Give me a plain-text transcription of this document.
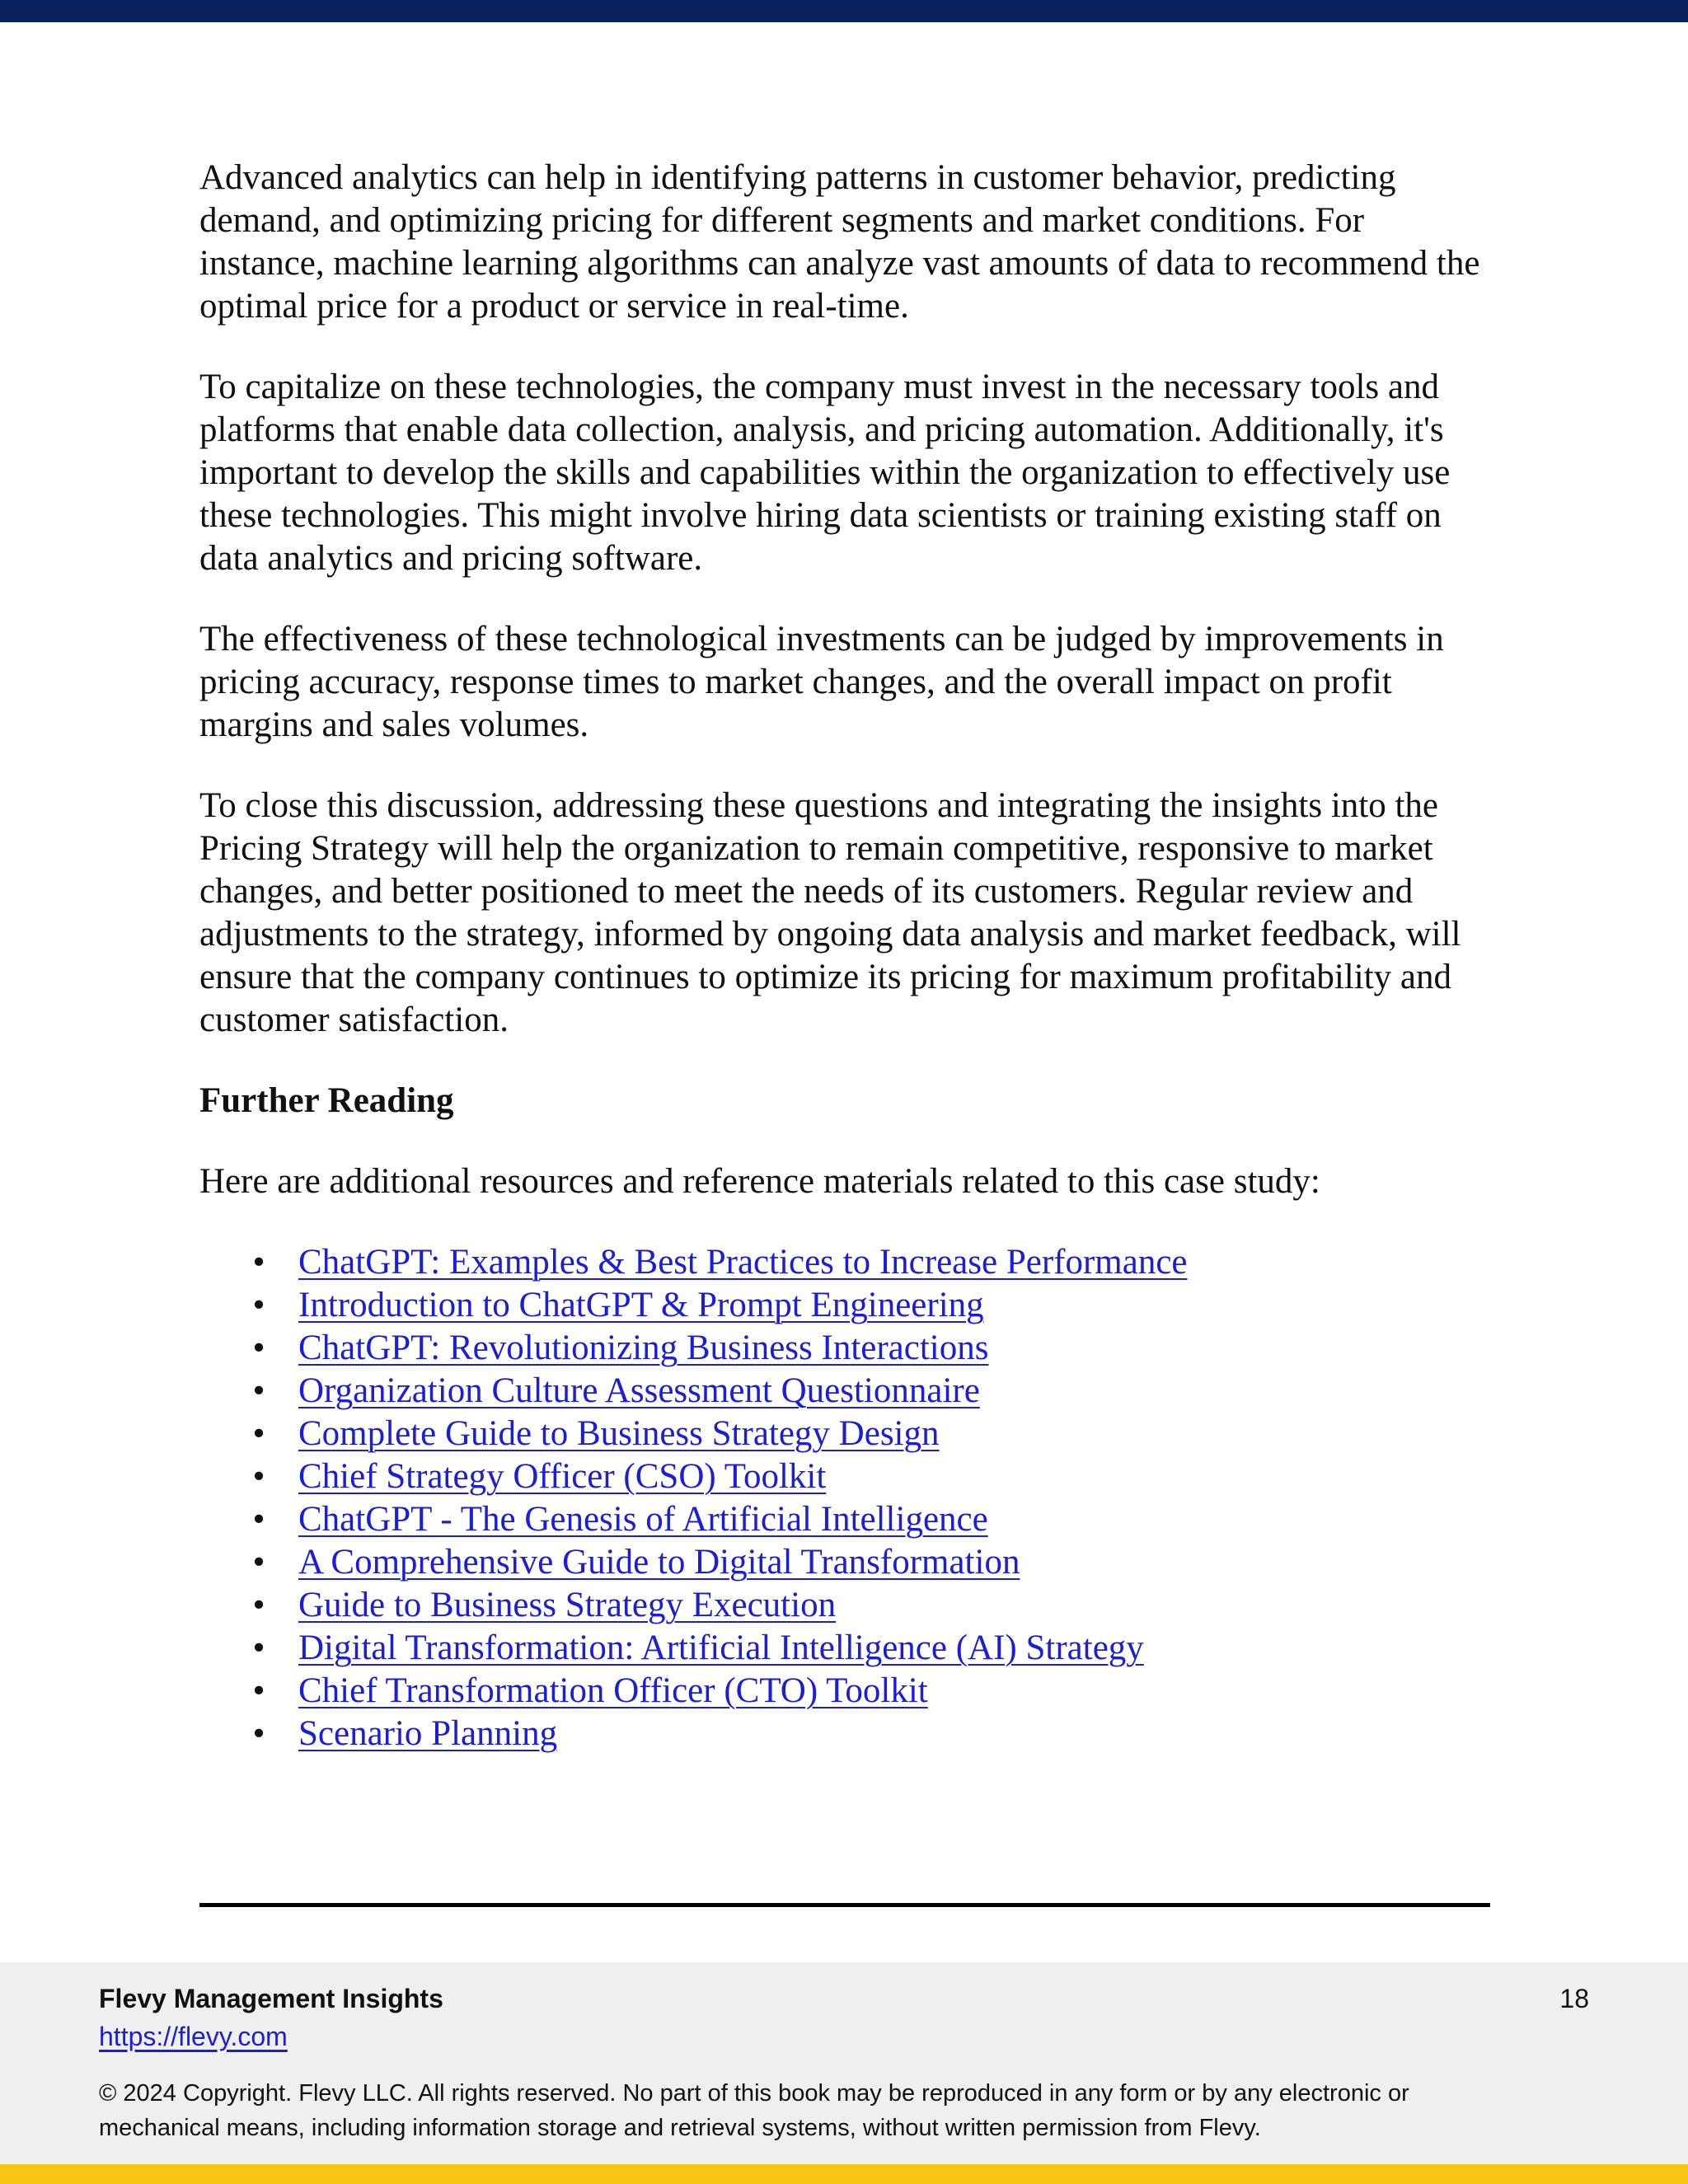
Advanced analytics can help in identifying patterns in customer behavior, predicting demand, and optimizing pricing for different segments and market conditions. For instance, machine learning algorithms can analyze vast amounts of data to recommend the optimal price for a product or service in real-time.

To capitalize on these technologies, the company must invest in the necessary tools and platforms that enable data collection, analysis, and pricing automation. Additionally, it's important to develop the skills and capabilities within the organization to effectively use these technologies. This might involve hiring data scientists or training existing staff on data analytics and pricing software.

The effectiveness of these technological investments can be judged by improvements in pricing accuracy, response times to market changes, and the overall impact on profit margins and sales volumes.

To close this discussion, addressing these questions and integrating the insights into the Pricing Strategy will help the organization to remain competitive, responsive to market changes, and better positioned to meet the needs of its customers. Regular review and adjustments to the strategy, informed by ongoing data analysis and market feedback, will ensure that the company continues to optimize its pricing for maximum profitability and customer satisfaction.

Further Reading

Here are additional resources and reference materials related to this case study:

• ChatGPT: Examples & Best Practices to Increase Performance
• Introduction to ChatGPT & Prompt Engineering
• ChatGPT: Revolutionizing Business Interactions
• Organization Culture Assessment Questionnaire
• Complete Guide to Business Strategy Design
• Chief Strategy Officer (CSO) Toolkit
• ChatGPT - The Genesis of Artificial Intelligence
• A Comprehensive Guide to Digital Transformation
• Guide to Business Strategy Execution
• Digital Transformation: Artificial Intelligence (AI) Strategy
• Chief Transformation Officer (CTO) Toolkit
• Scenario Planning
Flevy Management Insights
https://flevy.com
18
© 2024 Copyright. Flevy LLC. All rights reserved. No part of this book may be reproduced in any form or by any electronic or mechanical means, including information storage and retrieval systems, without written permission from Flevy.
